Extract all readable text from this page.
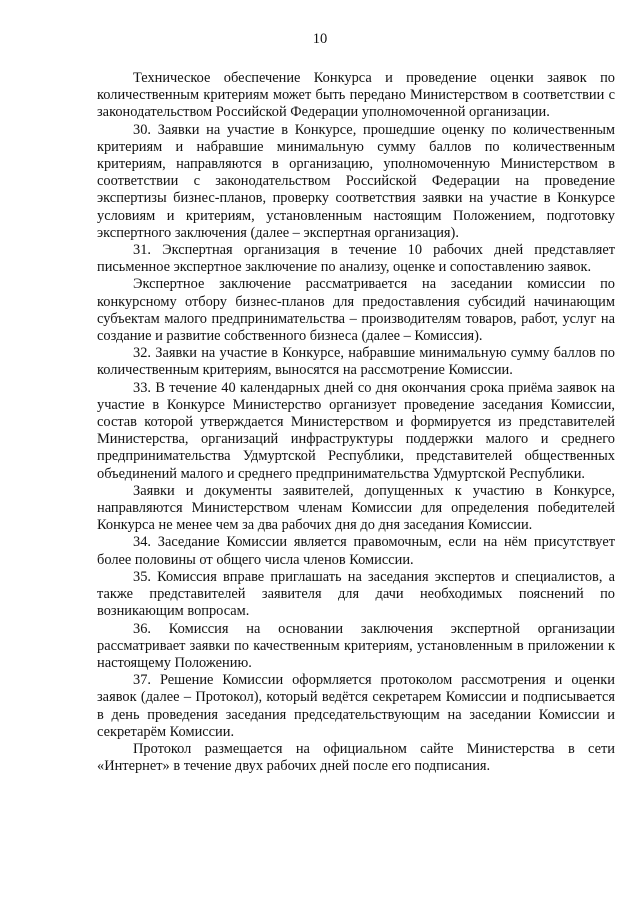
10

Техническое обеспечение Конкурса и проведение оценки заявок по количественным критериям может быть передано Министерством в соответствии с законодательством Российской Федерации уполномоченной организации.

30. Заявки на участие в Конкурсе, прошедшие оценку по количественным критериям и набравшие минимальную сумму баллов по количественным критериям, направляются в организацию, уполномоченную Министерством в соответствии с законодательством Российской Федерации на проведение экспертизы бизнес-планов, проверку соответствия заявки на участие в Конкурсе условиям и критериям, установленным настоящим Положением, подготовку экспертного заключения (далее – экспертная организация).

31. Экспертная организация в течение 10 рабочих дней представляет письменное экспертное заключение по анализу, оценке и сопоставлению заявок.

Экспертное заключение рассматривается на заседании комиссии по конкурсному отбору бизнес-планов для предоставления субсидий начинающим субъектам малого предпринимательства – производителям товаров, работ, услуг на создание и развитие собственного бизнеса (далее – Комиссия).

32. Заявки на участие в Конкурсе, набравшие минимальную сумму баллов по количественным критериям, выносятся на рассмотрение Комиссии.

33. В течение 40 календарных дней со дня окончания срока приёма заявок на участие в Конкурсе Министерство организует проведение заседания Комиссии, состав которой утверждается Министерством и формируется из представителей Министерства, организаций инфраструктуры поддержки малого и среднего предпринимательства Удмуртской Республики, представителей общественных объединений малого и среднего предпринимательства Удмуртской Республики.

Заявки и документы заявителей, допущенных к участию в Конкурсе, направляются Министерством членам Комиссии для определения победителей Конкурса не менее чем за два рабочих дня до дня заседания Комиссии.

34. Заседание Комиссии является правомочным, если на нём присутствует более половины от общего числа членов Комиссии.

35. Комиссия вправе приглашать на заседания экспертов и специалистов, а также представителей заявителя для дачи необходимых пояснений по возникающим вопросам.

36. Комиссия на основании заключения экспертной организации рассматривает заявки по качественным критериям, установленным в приложении к настоящему Положению.

37. Решение Комиссии оформляется протоколом рассмотрения и оценки заявок (далее – Протокол), который ведётся секретарем Комиссии и подписывается в день проведения заседания председательствующим на заседании Комиссии и секретарём Комиссии.

Протокол размещается на официальном сайте Министерства в сети «Интернет» в течение двух рабочих дней после его подписания.
